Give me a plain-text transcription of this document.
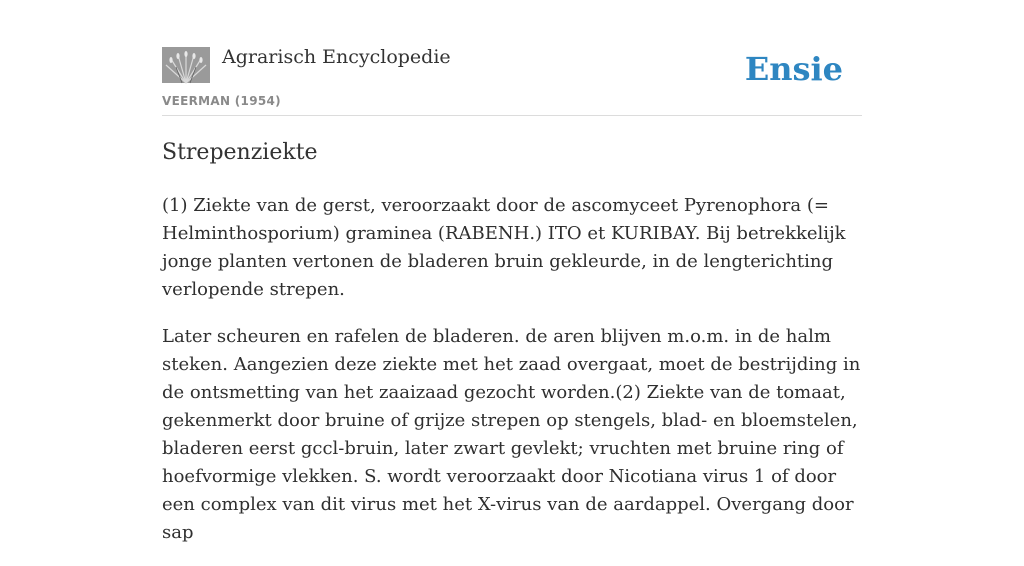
Agrarisch Encyclopedie
VEERMAN (1954)
Ensie
Strepenziekte

(1) Ziekte van de gerst, veroorzaakt door de ascomyceet Pyrenophora (= Helminthosporium) graminea (RABENH.) ITO et KURIBAY. Bij betrekkelijk jonge planten vertonen de bladeren bruin gekleurde, in de lengterichting verlopende strepen.

Later scheuren en rafelen de bladeren. de aren blijven m.o.m. in de halm steken. Aangezien deze ziekte met het zaad overgaat, moet de bestrijding in de ontsmetting van het zaaizaad gezocht worden.(2) Ziekte van de tomaat, gekenmerkt door bruine of grijze strepen op stengels, blad- en bloemstelen, bladeren eerst gccl-bruin, later zwart gevlekt; vruchten met bruine ring of hoefvormige vlekken. S. wordt veroorzaakt door Nicotiana virus 1 of door een complex van dit virus met het X-virus van de aardappel. Overgang door sap
